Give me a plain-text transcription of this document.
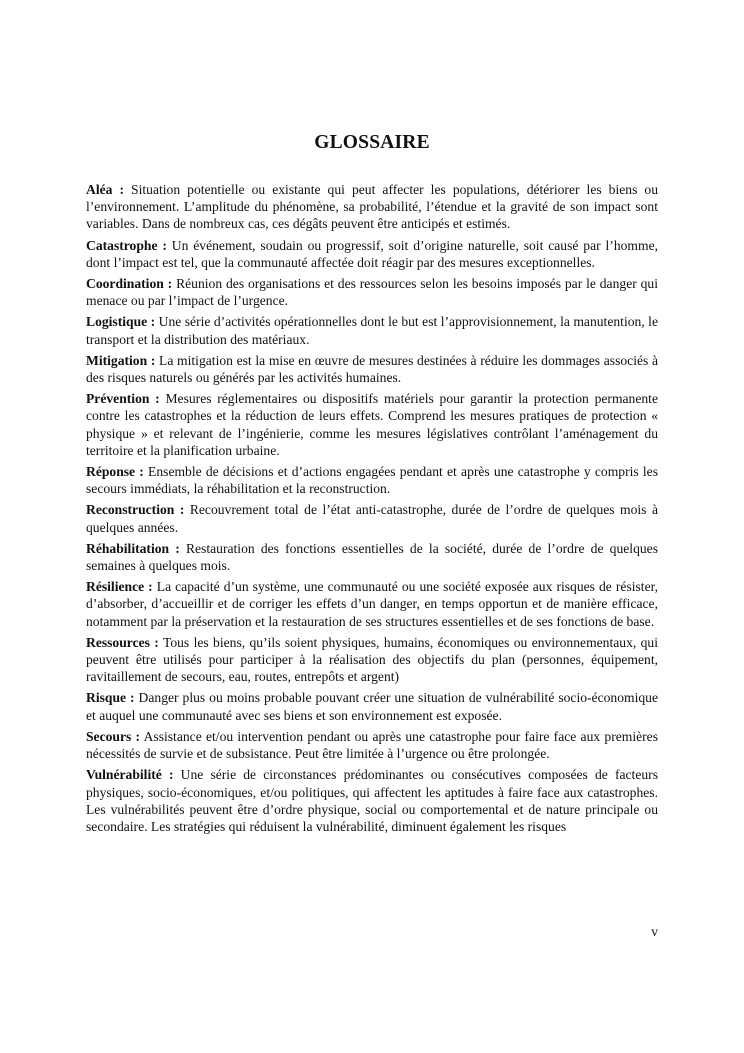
GLOSSAIRE

Aléa : Situation potentielle ou existante qui peut affecter les populations, détériorer les biens ou l’environnement. L’amplitude du phénomène, sa probabilité, l’étendue et la gravité de son impact sont variables. Dans de nombreux cas, ces dégâts peuvent être anticipés et estimés.

Catastrophe : Un événement, soudain ou progressif, soit d’origine naturelle, soit causé par l’homme, dont l’impact est tel, que la communauté affectée doit réagir par des mesures exceptionnelles.

Coordination : Réunion des organisations et des ressources selon les besoins imposés par le danger qui menace ou par l’impact de l’urgence.

Logistique : Une série d’activités opérationnelles dont le but est l’approvisionnement, la manutention, le transport et la distribution des matériaux.

Mitigation : La mitigation est la mise en œuvre de mesures destinées à réduire les dommages associés à des risques naturels ou générés par les activités humaines.

Prévention : Mesures réglementaires ou dispositifs matériels pour garantir la protection permanente contre les catastrophes et la réduction de leurs effets. Comprend les mesures pratiques de protection « physique » et relevant de l’ingénierie, comme les mesures législatives contrôlant l’aménagement du territoire et la planification urbaine.

Réponse : Ensemble de décisions et d’actions engagées pendant et après une catastrophe y compris les secours immédiats, la réhabilitation et la reconstruction.

Reconstruction : Recouvrement total de l’état anti-catastrophe, durée de l’ordre de quelques mois à quelques années.

Réhabilitation : Restauration des fonctions essentielles de la société, durée de l’ordre de quelques semaines à quelques mois.

Résilience : La capacité d’un système, une communauté ou une société exposée aux risques de résister, d’absorber, d’accueillir et de corriger les effets d’un danger, en temps opportun et de manière efficace, notamment par la préservation et la restauration de ses structures essentielles et de ses fonctions de base.

Ressources : Tous les biens, qu’ils soient physiques, humains, économiques ou environnementaux, qui peuvent être utilisés pour participer à la réalisation des objectifs du plan (personnes, équipement, ravitaillement de secours, eau, routes, entrepôts et argent)

Risque : Danger plus ou moins probable pouvant créer une situation de vulnérabilité socio-économique et auquel une communauté avec ses biens et son environnement est exposée.

Secours : Assistance et/ou intervention pendant ou après une catastrophe pour faire face aux premières nécessités de survie et de subsistance. Peut être limitée à l’urgence ou être prolongée.

Vulnérabilité : Une série de circonstances prédominantes ou consécutives composées de facteurs physiques, socio-économiques, et/ou politiques, qui affectent les aptitudes à faire face aux catastrophes. Les vulnérabilités peuvent être d’ordre physique, social ou comportemental et de nature principale ou secondaire. Les stratégies qui réduisent la vulnérabilité, diminuent également les risques

v
